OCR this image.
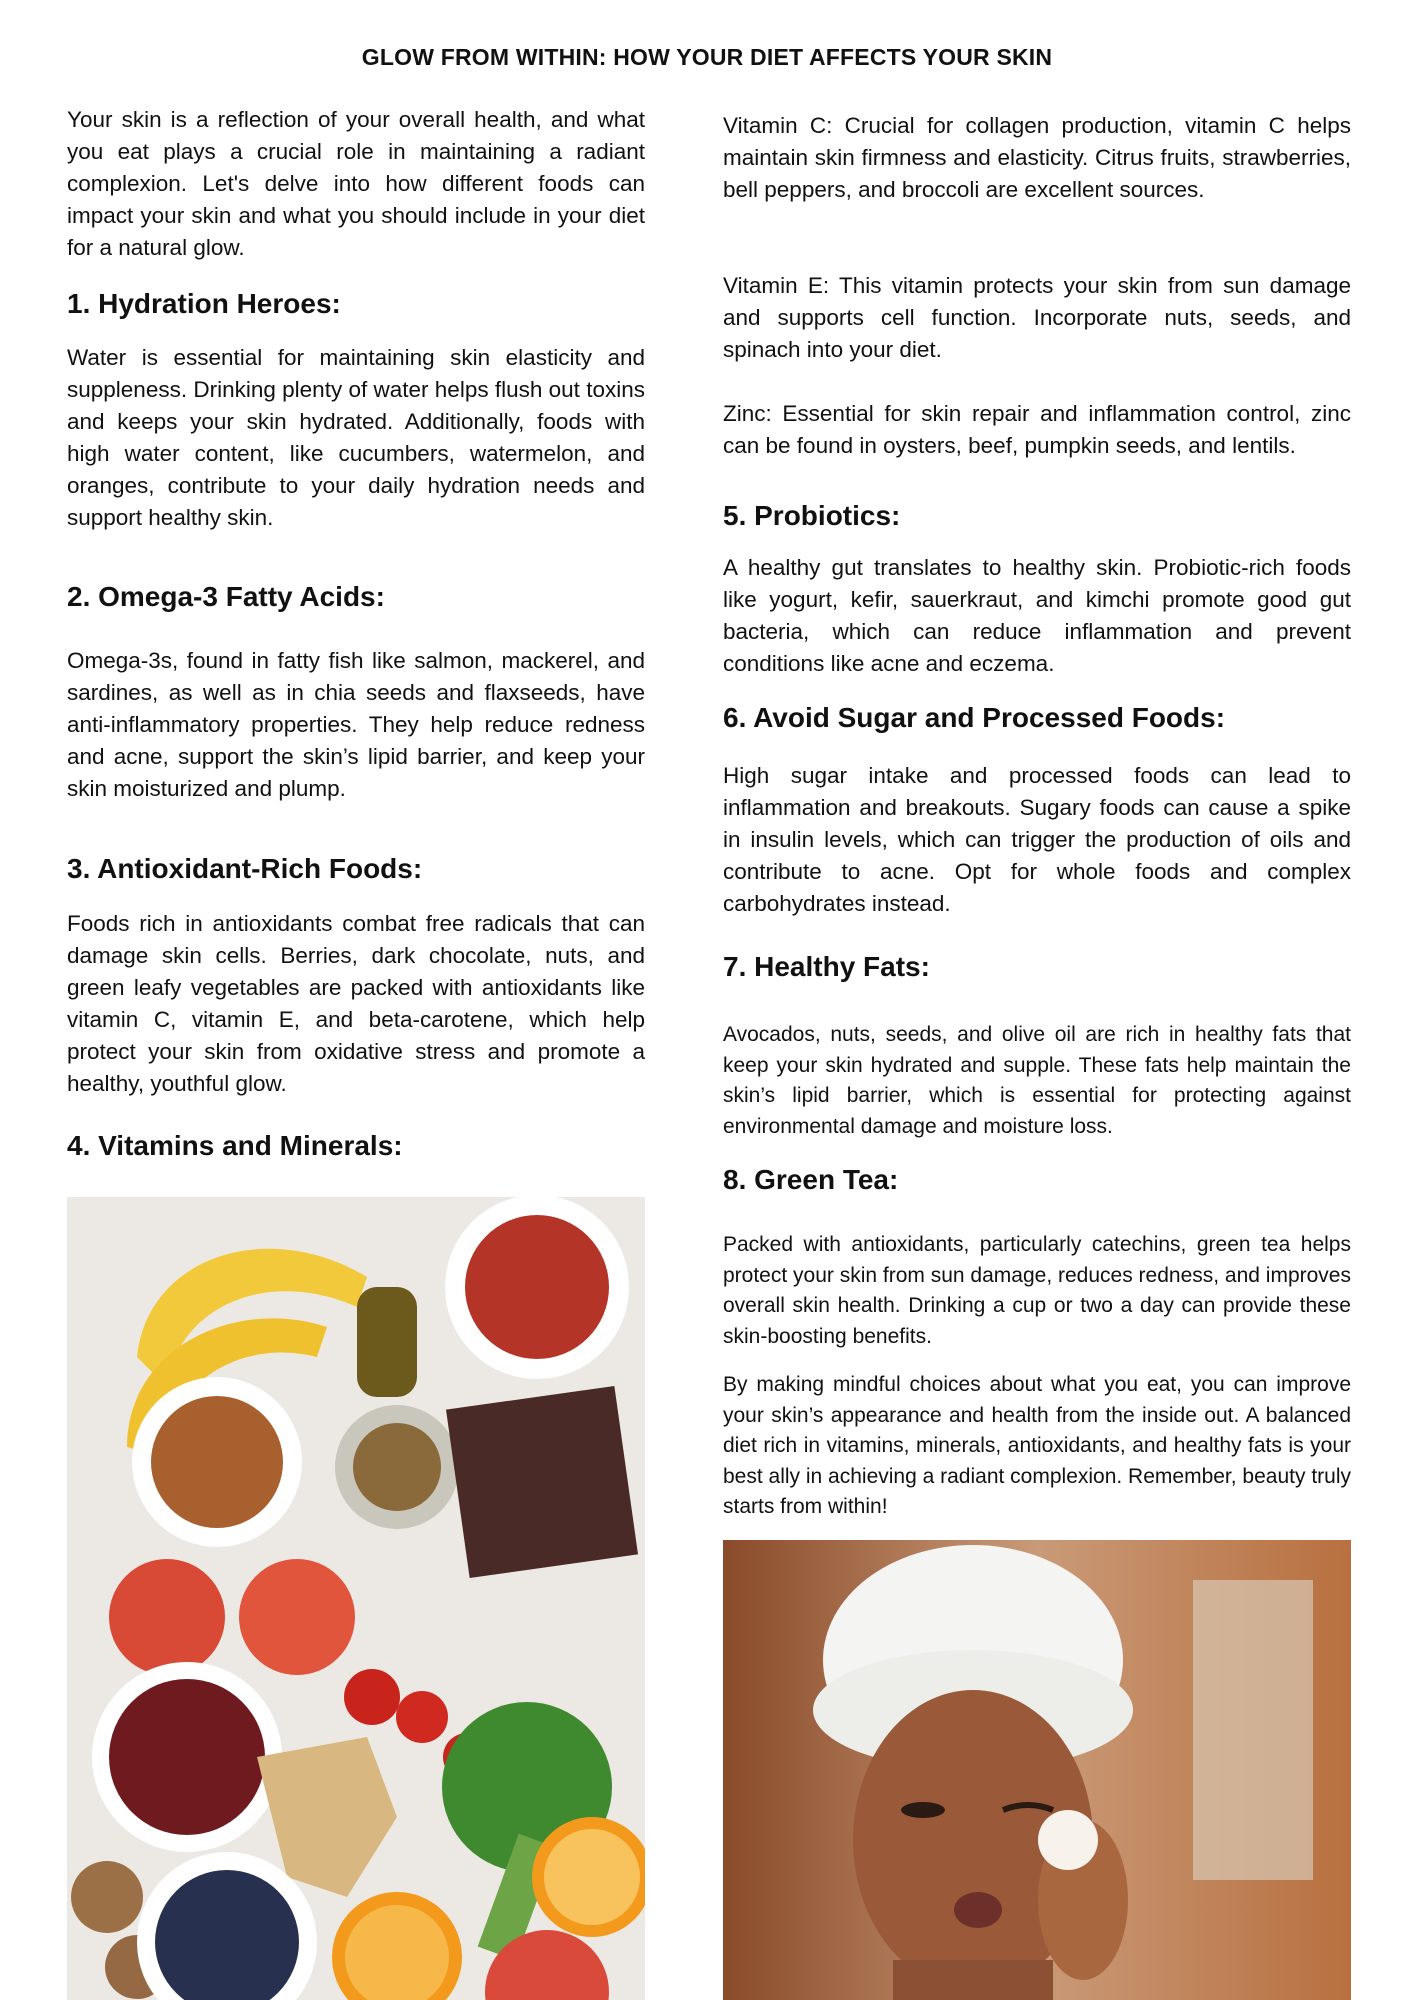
GLOW FROM WITHIN: HOW YOUR DIET AFFECTS YOUR SKIN

Your skin is a reflection of your overall health, and what you eat plays a crucial role in maintaining a radiant complexion. Let's delve into how different foods can impact your skin and what you should include in your diet for a natural glow.

1. Hydration Heroes:

Water is essential for maintaining skin elasticity and suppleness. Drinking plenty of water helps flush out toxins and keeps your skin hydrated. Additionally, foods with high water content, like cucumbers, watermelon, and oranges, contribute to your daily hydration needs and support healthy skin.

2. Omega-3 Fatty Acids:

Omega-3s, found in fatty fish like salmon, mackerel, and sardines, as well as in chia seeds and flaxseeds, have anti-inflammatory properties. They help reduce redness and acne, support the skin’s lipid barrier, and keep your skin moisturized and plump.

3. Antioxidant-Rich Foods:

Foods rich in antioxidants combat free radicals that can damage skin cells. Berries, dark chocolate, nuts, and green leafy vegetables are packed with antioxidants like vitamin C, vitamin E, and beta-carotene, which help protect your skin from oxidative stress and promote a healthy, youthful glow.

4. Vitamins and Minerals:

Vitamin C: Crucial for collagen production, vitamin C helps maintain skin firmness and elasticity. Citrus fruits, strawberries, bell peppers, and broccoli are excellent sources.

Vitamin E: This vitamin protects your skin from sun damage and supports cell function. Incorporate nuts, seeds, and spinach into your diet.

Zinc: Essential for skin repair and inflammation control, zinc can be found in oysters, beef, pumpkin seeds, and lentils.

5. Probiotics:

A healthy gut translates to healthy skin. Probiotic-rich foods like yogurt, kefir, sauerkraut, and kimchi promote good gut bacteria, which can reduce inflammation and prevent conditions like acne and eczema.

6. Avoid Sugar and Processed Foods:

High sugar intake and processed foods can lead to inflammation and breakouts. Sugary foods can cause a spike in insulin levels, which can trigger the production of oils and contribute to acne. Opt for whole foods and complex carbohydrates instead.

7. Healthy Fats:

Avocados, nuts, seeds, and olive oil are rich in healthy fats that keep your skin hydrated and supple. These fats help maintain the skin’s lipid barrier, which is essential for protecting against environmental damage and moisture loss.

8. Green Tea:

Packed with antioxidants, particularly catechins, green tea helps protect your skin from sun damage, reduces redness, and improves overall skin health. Drinking a cup or two a day can provide these skin-boosting benefits.

By making mindful choices about what you eat, you can improve your skin’s appearance and health from the inside out. A balanced diet rich in vitamins, minerals, antioxidants, and healthy fats is your best ally in achieving a radiant complexion. Remember, beauty truly starts from within!
